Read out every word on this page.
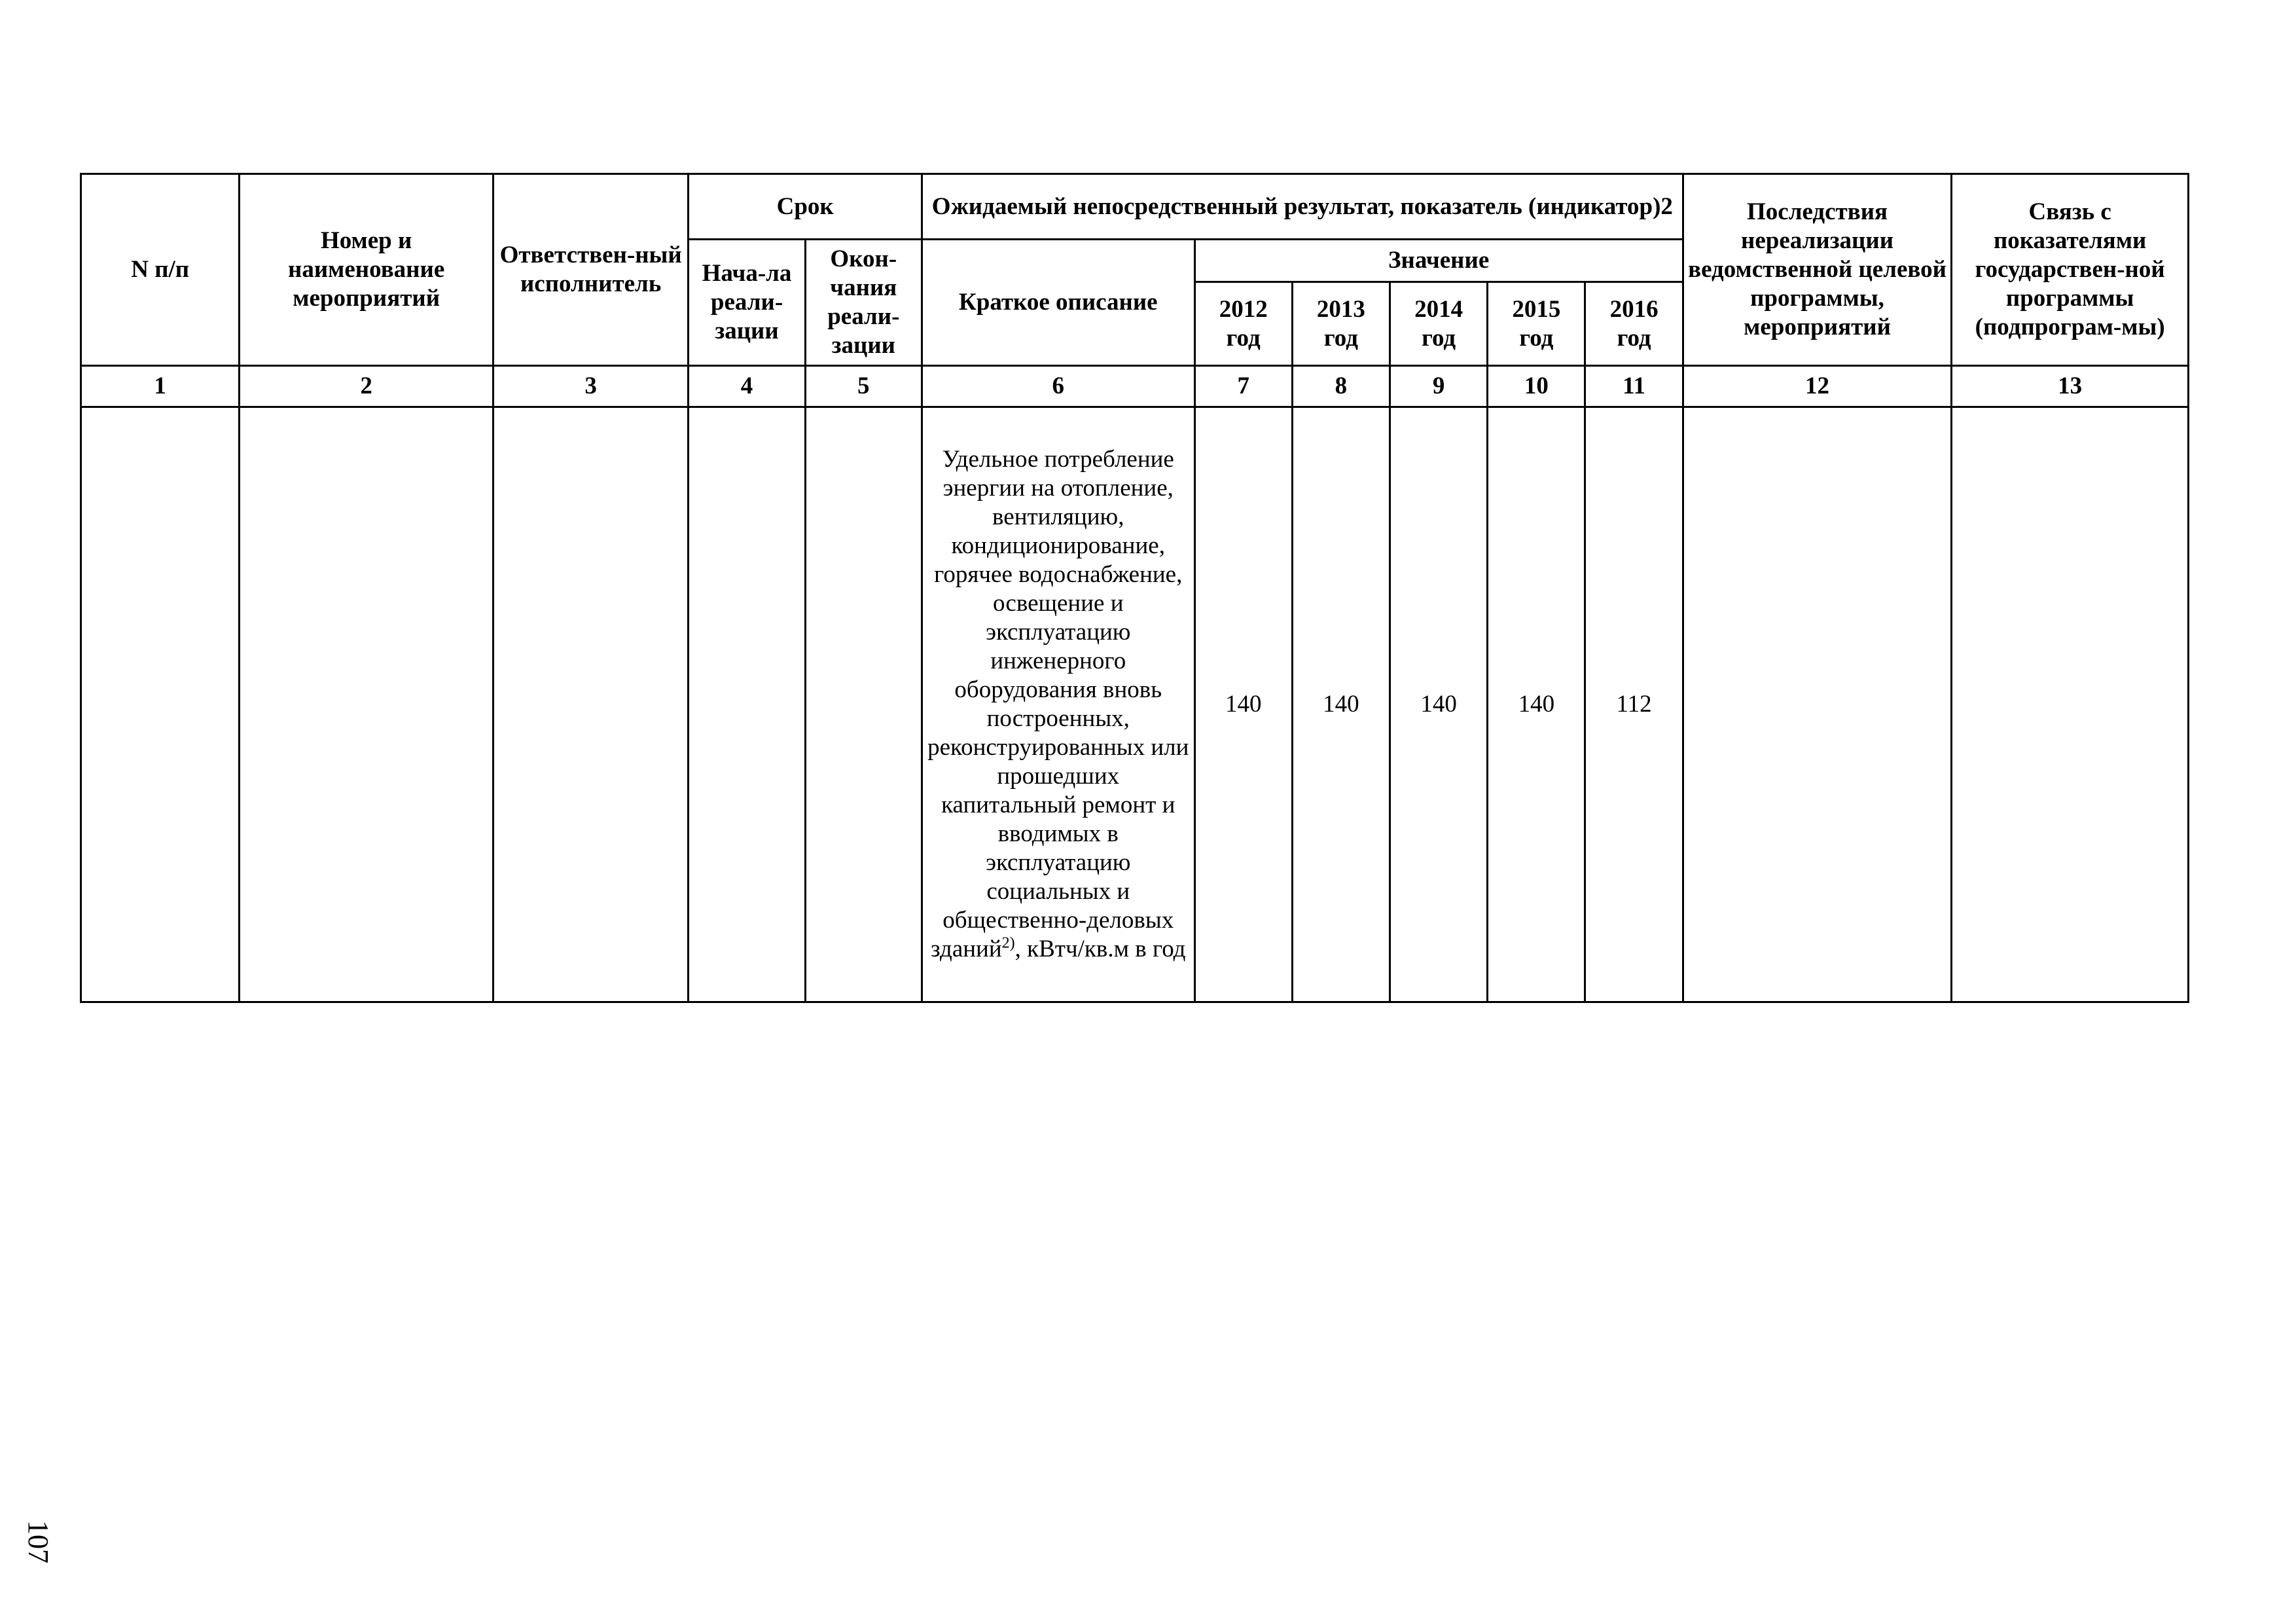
N п/п	Номер и наименование мероприятий	Ответствен-ный исполнитель	Срок		Ожидаемый непосредственный результат, показатель (индикатор)2						Последствия нереализации ведомственной целевой программы, мероприятий	Связь с показателями государствен-ной программы (подпрограм-мы)
			Нача-ла реали-зации	Окон-чания реали-зации	Краткое описание	Значение						
						2012 год	2013 год	2014 год	2015 год	2016 год		
1	2	3	4	5	6	7	8	9	10	11	12	13
					Удельное потребление энергии на отопление, вентиляцию, кондиционирование, горячее водоснабжение, освещение и эксплуатацию инженерного оборудования вновь построенных, реконструированных или прошедших капитальный ремонт и вводимых в эксплуатацию социальных и общественно-деловых зданий$^{2)}$, кВтч/кв.м в год	140	140	140	140	112		
107
